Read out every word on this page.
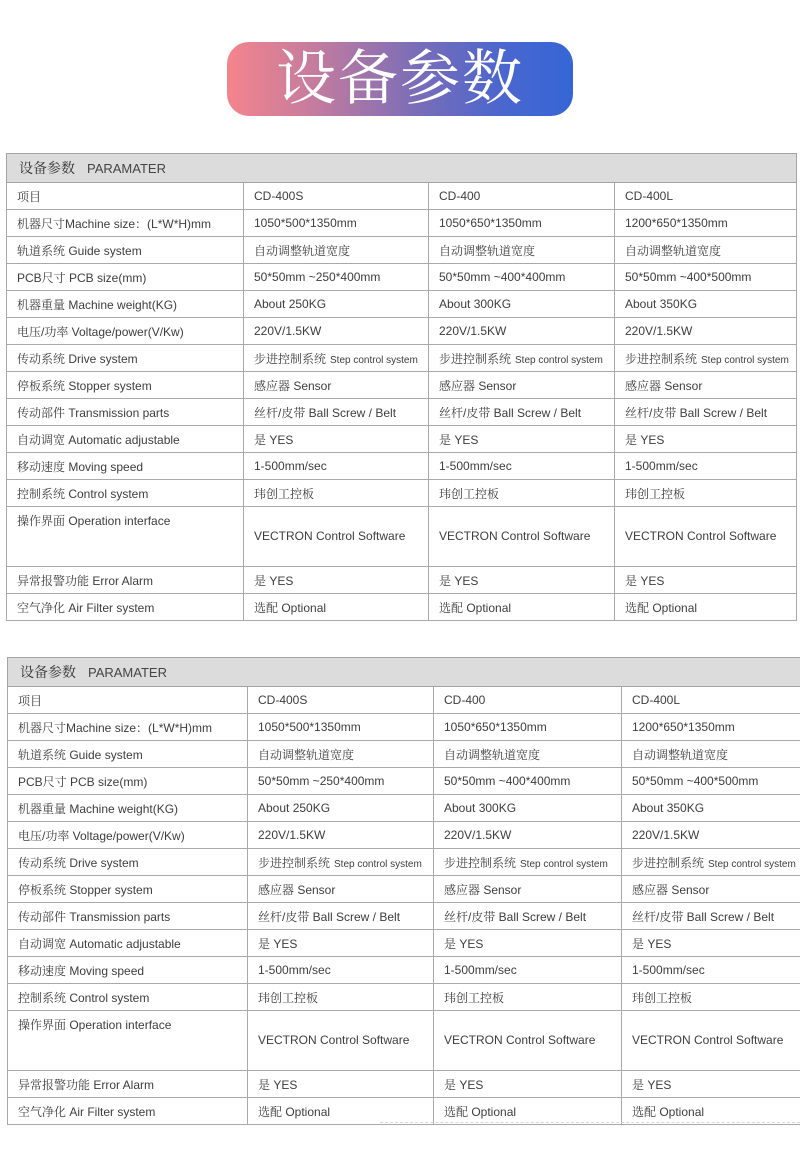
设备参数
设备参数 PARAMATER			
项目	CD-400S	CD-400	CD-400L
机器尺寸Machine size：(L*W*H)mm	1050*500*1350mm	1050*650*1350mm	1200*650*1350mm
轨道系统 Guide system	自动调整轨道宽度	自动调整轨道宽度	自动调整轨道宽度
PCB尺寸 PCB size(mm)	50*50mm ~250*400mm	50*50mm ~400*400mm	50*50mm ~400*500mm
机器重量 Machine weight(KG)	About 250KG	About 300KG	About 350KG
电压/功率 Voltage/power(V/Kw)	220V/1.5KW	220V/1.5KW	220V/1.5KW
传动系统 Drive system	步进控制系统 Step control system	步进控制系统 Step control system	步进控制系统 Step control system
停板系统 Stopper system	感应器 Sensor	感应器 Sensor	感应器 Sensor
传动部件 Transmission parts	丝杆/皮带 Ball Screw / Belt	丝杆/皮带 Ball Screw / Belt	丝杆/皮带 Ball Screw / Belt
自动调宽 Automatic adjustable	是 YES	是 YES	是 YES
移动速度 Moving speed	1-500mm/sec	1-500mm/sec	1-500mm/sec
控制系统 Control system	玮创工控板	玮创工控板	玮创工控板
操作界面 Operation interface	VECTRON Control Software	VECTRON Control Software	VECTRON Control Software
异常报警功能 Error Alarm	是 YES	是 YES	是 YES
空气净化 Air Filter system	选配 Optional	选配 Optional	选配 Optional
设备参数 PARAMATER			
项目	CD-400S	CD-400	CD-400L
机器尺寸Machine size：(L*W*H)mm	1050*500*1350mm	1050*650*1350mm	1200*650*1350mm
轨道系统 Guide system	自动调整轨道宽度	自动调整轨道宽度	自动调整轨道宽度
PCB尺寸 PCB size(mm)	50*50mm ~250*400mm	50*50mm ~400*400mm	50*50mm ~400*500mm
机器重量 Machine weight(KG)	About 250KG	About 300KG	About 350KG
电压/功率 Voltage/power(V/Kw)	220V/1.5KW	220V/1.5KW	220V/1.5KW
传动系统 Drive system	步进控制系统 Step control system	步进控制系统 Step control system	步进控制系统 Step control system
停板系统 Stopper system	感应器 Sensor	感应器 Sensor	感应器 Sensor
传动部件 Transmission parts	丝杆/皮带 Ball Screw / Belt	丝杆/皮带 Ball Screw / Belt	丝杆/皮带 Ball Screw / Belt
自动调宽 Automatic adjustable	是 YES	是 YES	是 YES
移动速度 Moving speed	1-500mm/sec	1-500mm/sec	1-500mm/sec
控制系统 Control system	玮创工控板	玮创工控板	玮创工控板
操作界面 Operation interface	VECTRON Control Software	VECTRON Control Software	VECTRON Control Software
异常报警功能 Error Alarm	是 YES	是 YES	是 YES
空气净化 Air Filter system	选配 Optional	选配 Optional	选配 Optional
